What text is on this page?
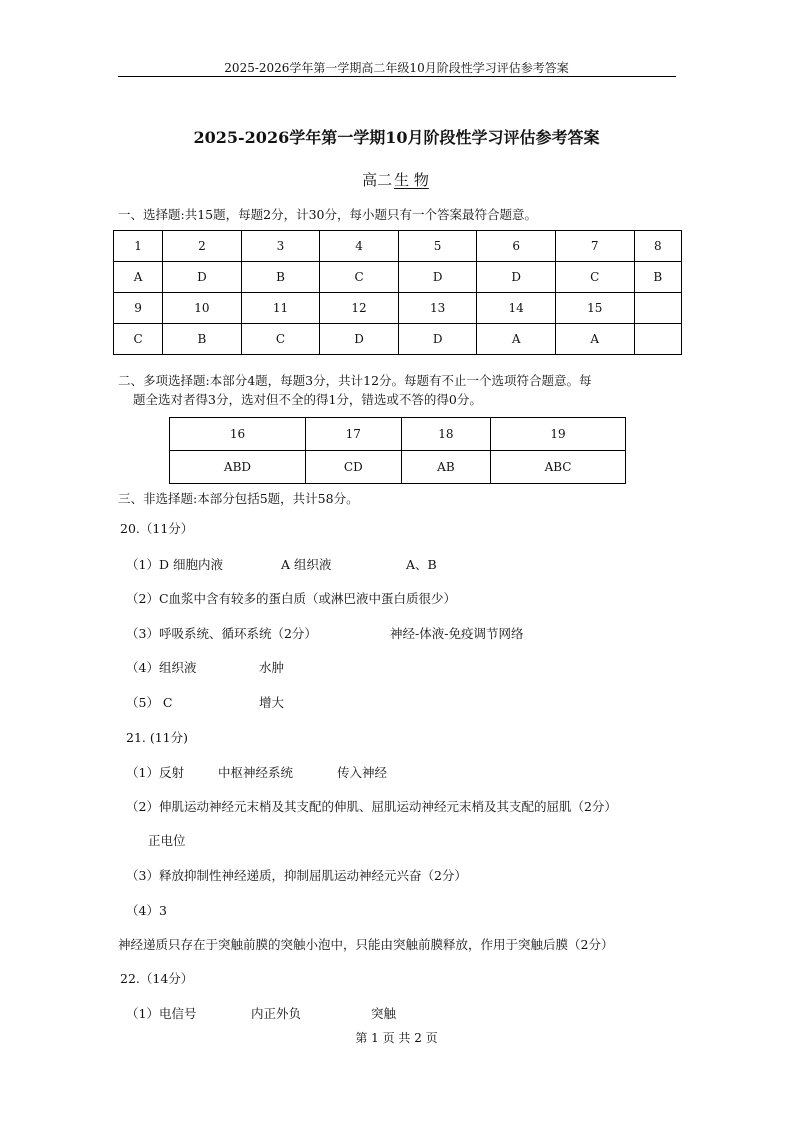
2025-2026学年第一学期高二年级10月阶段性学习评估参考答案
2025-2026学年第一学期10月阶段性学习评估参考答案
高二 生 物
一、选择题:共15题，每题2分，计30分，每小题只有一个答案最符合题意。
1	2	3	4	5	6	7	8
A	D	B	C	D	D	C	B
9	10	11	12	13	14	15	
C	B	C	D	D	A	A	
二、多项选择题:本部分4题，每题3分，共计12分。每题有不止一个选项符合题意。每
题全选对者得3分，选对但不全的得1分，错选或不答的得0分。
16	17	18	19
ABD	CD	AB	ABC
三、非选择题:本部分包括5题，共计58分。
20.（11分）
（1）D 细胞内液	A 组织液	A、B
（2）C血浆中含有较多的蛋白质（或淋巴液中蛋白质很少）
（3）呼吸系统、循环系统（2分）	神经-体液-免疫调节网络
（4）组织液	水肿
（5） C	增大
21. (11分)
（1）反射	中枢神经系统	传入神经
（2）伸肌运动神经元末梢及其支配的伸肌、屈肌运动神经元末梢及其支配的屈肌（2分）
正电位
（3）释放抑制性神经递质，抑制屈肌运动神经元兴奋（2分）
（4）3
神经递质只存在于突触前膜的突触小泡中，只能由突触前膜释放，作用于突触后膜（2分）
22.（14分）
（1）电信号	内正外负	突触
第 1 页 共 2 页
